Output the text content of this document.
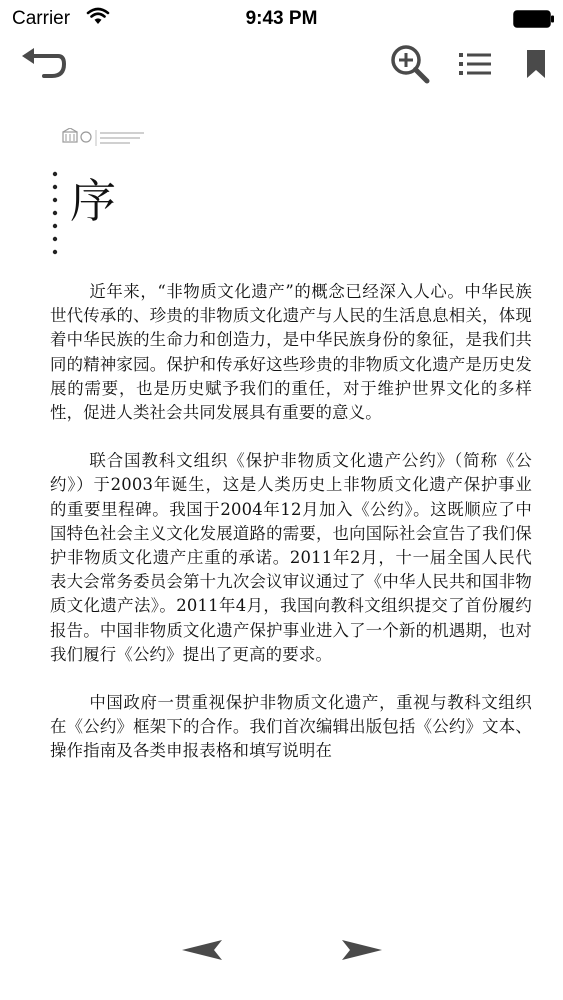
Carrier	9:43 PM
序

近年来，“非物质文化遗产”的概念已经深入人心。中华民族世代传承的、珍贵的非物质文化遗产与人民的生活息息相关，体现着中华民族的生命力和创造力，是中华民族身份的象征，是我们共同的精神家园。保护和传承好这些珍贵的非物质文化遗产是历史发展的需要，也是历史赋予我们的重任，对于维护世界文化的多样性，促进人类社会共同发展具有重要的意义。

联合国教科文组织《保护非物质文化遗产公约》（简称《公约》）于2003年诞生，这是人类历史上非物质文化遗产保护事业的重要里程碑。我国于2004年12月加入《公约》。这既顺应了中国特色社会主义文化发展道路的需要，也向国际社会宣告了我们保护非物质文化遗产庄重的承诺。2011年2月，十一届全国人民代表大会常务委员会第十九次会议审议通过了《中华人民共和国非物质文化遗产法》。2011年4月，我国向教科文组织提交了首份履约报告。中国非物质文化遗产保护事业进入了一个新的机遇期，也对我们履行《公约》提出了更高的要求。

中国政府一贯重视保护非物质文化遗产，重视与教科文组织在《公约》框架下的合作。我们首次编辑出版包括《公约》文本、操作指南及各类申报表格和填写说明在
